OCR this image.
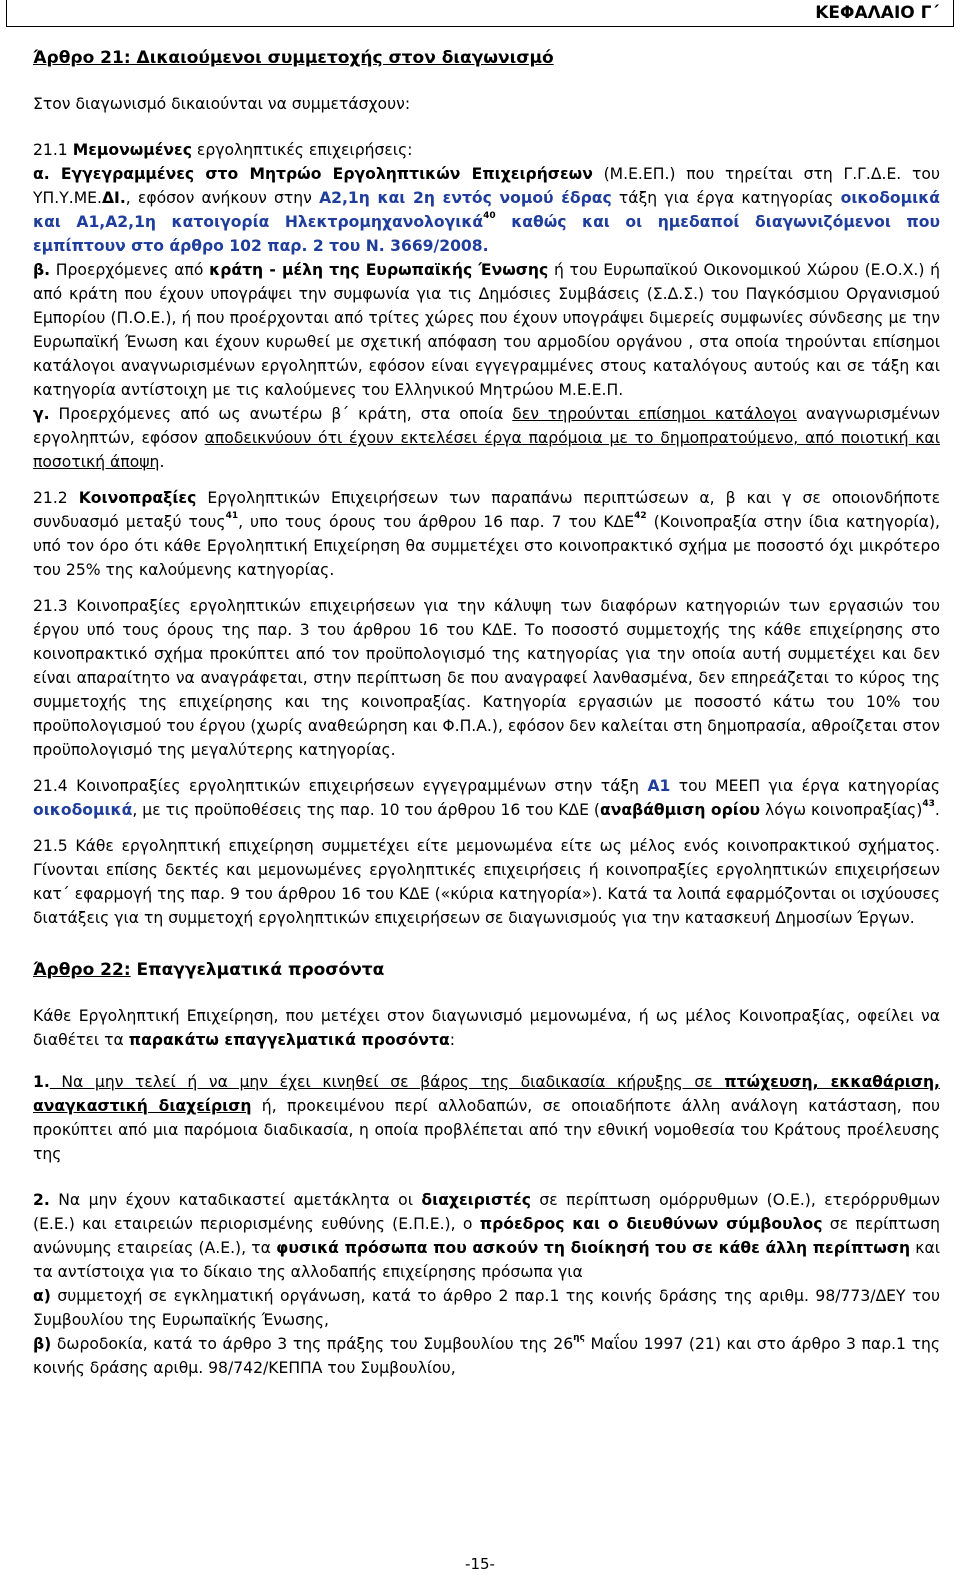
ΚΕΦΑΛΑΙΟ Γ΄

Άρθρο 21: Δικαιούμενοι συμμετοχής στον διαγωνισμό

Στον διαγωνισμό δικαιούνται να συμμετάσχουν:

21.1 Μεμονωμένες εργοληπτικές επιχειρήσεις:

α. Εγγεγραμμένες στο Μητρώο Εργοληπτικών Επιχειρήσεων (Μ.Ε.ΕΠ.) που τηρείται στη Γ.Γ.Δ.Ε. του ΥΠ.Υ.ΜΕ.ΔΙ., εφόσον ανήκουν στην Α2,1η και 2η εντός νομού έδρας τάξη για έργα κατηγορίας οικοδομικά και Α1,Α2,1η κατοιγορία Ηλεκτρομηχανολογικά$^{40}$ καθώς και οι ημεδαποί διαγωνιζόμενοι που εμπίπτουν στο άρθρο 102 παρ. 2 του Ν. 3669/2008.

β. Προερχόμενες από κράτη - μέλη της Ευρωπαϊκής Ένωσης ή του Ευρωπαϊκού Οικονομικού Χώρου (Ε.Ο.Χ.) ή από κράτη που έχουν υπογράψει την συμφωνία για τις Δημόσιες Συμβάσεις (Σ.Δ.Σ.) του Παγκόσμιου Οργανισμού Εμπορίου (Π.Ο.Ε.), ή που προέρχονται από τρίτες χώρες που έχουν υπογράψει διμερείς συμφωνίες σύνδεσης με την Ευρωπαϊκή Ένωση και έχουν κυρωθεί με σχετική απόφαση του αρμοδίου οργάνου , στα οποία τηρούνται επίσημοι κατάλογοι αναγνωρισμένων εργοληπτών, εφόσον είναι εγγεγραμμένες στους καταλόγους αυτούς και σε τάξη και κατηγορία αντίστοιχη με τις καλούμενες του Ελληνικού Μητρώου Μ.Ε.Ε.Π.

γ. Προερχόμενες από ως ανωτέρω β΄ κράτη, στα οποία δεν τηρούνται επίσημοι κατάλογοι αναγνωρισμένων εργοληπτών, εφόσον αποδεικνύουν ότι έχουν εκτελέσει έργα παρόμοια με το δημοπρατούμενο, από ποιοτική και ποσοτική άποψη.

21.2 Κοινοπραξίες Εργοληπτικών Επιχειρήσεων των παραπάνω περιπτώσεων α, β και γ σε οποιονδήποτε συνδυασμό μεταξύ τους$^{41}$, υπο τους όρους του άρθρου 16 παρ. 7 του ΚΔΕ$^{42}$ (Κοινοπραξία στην ίδια κατηγορία), υπό τον όρο ότι κάθε Εργοληπτική Επιχείρηση θα συμμετέχει στο κοινοπρακτικό σχήμα με ποσοστό όχι μικρότερο του 25% της καλούμενης κατηγορίας.

21.3 Κοινοπραξίες εργοληπτικών επιχειρήσεων για την κάλυψη των διαφόρων κατηγοριών των εργασιών του έργου υπό τους όρους της παρ. 3 του άρθρου 16 του ΚΔΕ. Το ποσοστό συμμετοχής της κάθε επιχείρησης στο κοινοπρακτικό σχήμα προκύπτει από τον προϋπολογισμό της κατηγορίας για την οποία αυτή συμμετέχει και δεν είναι απαραίτητο να αναγράφεται, στην περίπτωση δε που αναγραφεί λανθασμένα, δεν επηρεάζεται το κύρος της συμμετοχής της επιχείρησης και της κοινοπραξίας. Κατηγορία εργασιών με ποσοστό κάτω του 10% του προϋπολογισμού του έργου (χωρίς αναθεώρηση και Φ.Π.Α.), εφόσον δεν καλείται στη δημοπρασία, αθροίζεται στον προϋπολογισμό της μεγαλύτερης κατηγορίας.

21.4 Κοινοπραξίες εργοληπτικών επιχειρήσεων εγγεγραμμένων στην τάξη Α1 του ΜΕΕΠ για έργα κατηγορίας οικοδομικά, με τις προϋποθέσεις της παρ. 10 του άρθρου 16 του ΚΔΕ (αναβάθμιση ορίου λόγω κοινοπραξίας)$^{43}$.

21.5 Κάθε εργοληπτική επιχείρηση συμμετέχει είτε μεμονωμένα είτε ως μέλος ενός κοινοπρακτικού σχήματος. Γίνονται επίσης δεκτές και μεμονωμένες εργοληπτικές επιχειρήσεις ή κοινοπραξίες εργοληπτικών επιχειρήσεων κατ΄ εφαρμογή της παρ. 9 του άρθρου 16 του ΚΔΕ («κύρια κατηγορία»). Κατά τα λοιπά εφαρμόζονται οι ισχύουσες διατάξεις για τη συμμετοχή εργοληπτικών επιχειρήσεων σε διαγωνισμούς για την κατασκευή Δημοσίων Έργων.

Άρθρο 22: Επαγγελματικά προσόντα

Κάθε Εργοληπτική Επιχείρηση, που μετέχει στον διαγωνισμό μεμονωμένα, ή ως μέλος Κοινοπραξίας, οφείλει να διαθέτει τα παρακάτω επαγγελματικά προσόντα:

1. Να μην τελεί ή να μην έχει κινηθεί σε βάρος της διαδικασία κήρυξης σε πτώχευση, εκκαθάριση, αναγκαστική διαχείριση ή, προκειμένου περί αλλοδαπών, σε οποιαδήποτε άλλη ανάλογη κατάσταση, που προκύπτει από μια παρόμοια διαδικασία, η οποία προβλέπεται από την εθνική νομοθεσία του Κράτους προέλευσης της

2. Να μην έχουν καταδικαστεί αμετάκλητα οι διαχειριστές σε περίπτωση ομόρρυθμων (Ο.Ε.), ετερόρρυθμων (Ε.Ε.) και εταιρειών περιορισμένης ευθύνης (Ε.Π.Ε.), ο πρόεδρος και ο διευθύνων σύμβουλος σε περίπτωση ανώνυμης εταιρείας (Α.Ε.), τα φυσικά πρόσωπα που ασκούν τη διοίκησή του σε κάθε άλλη περίπτωση και τα αντίστοιχα για το δίκαιο της αλλοδαπής επιχείρησης πρόσωπα για

α) συμμετοχή σε εγκληματική οργάνωση, κατά το άρθρο 2 παρ.1 της κοινής δράσης της αριθμ. 98/773/ΔΕΥ του Συμβουλίου της Ευρωπαϊκής Ένωσης,

β) δωροδοκία, κατά το άρθρο 3 της πράξης του Συμβουλίου της $26^{\eta\varsigma}$ Μαΐου 1997 (21) και στο άρθρο 3 παρ.1 της κοινής δράσης αριθμ. 98/742/ΚΕΠΠΑ του Συμβουλίου,

-15-
